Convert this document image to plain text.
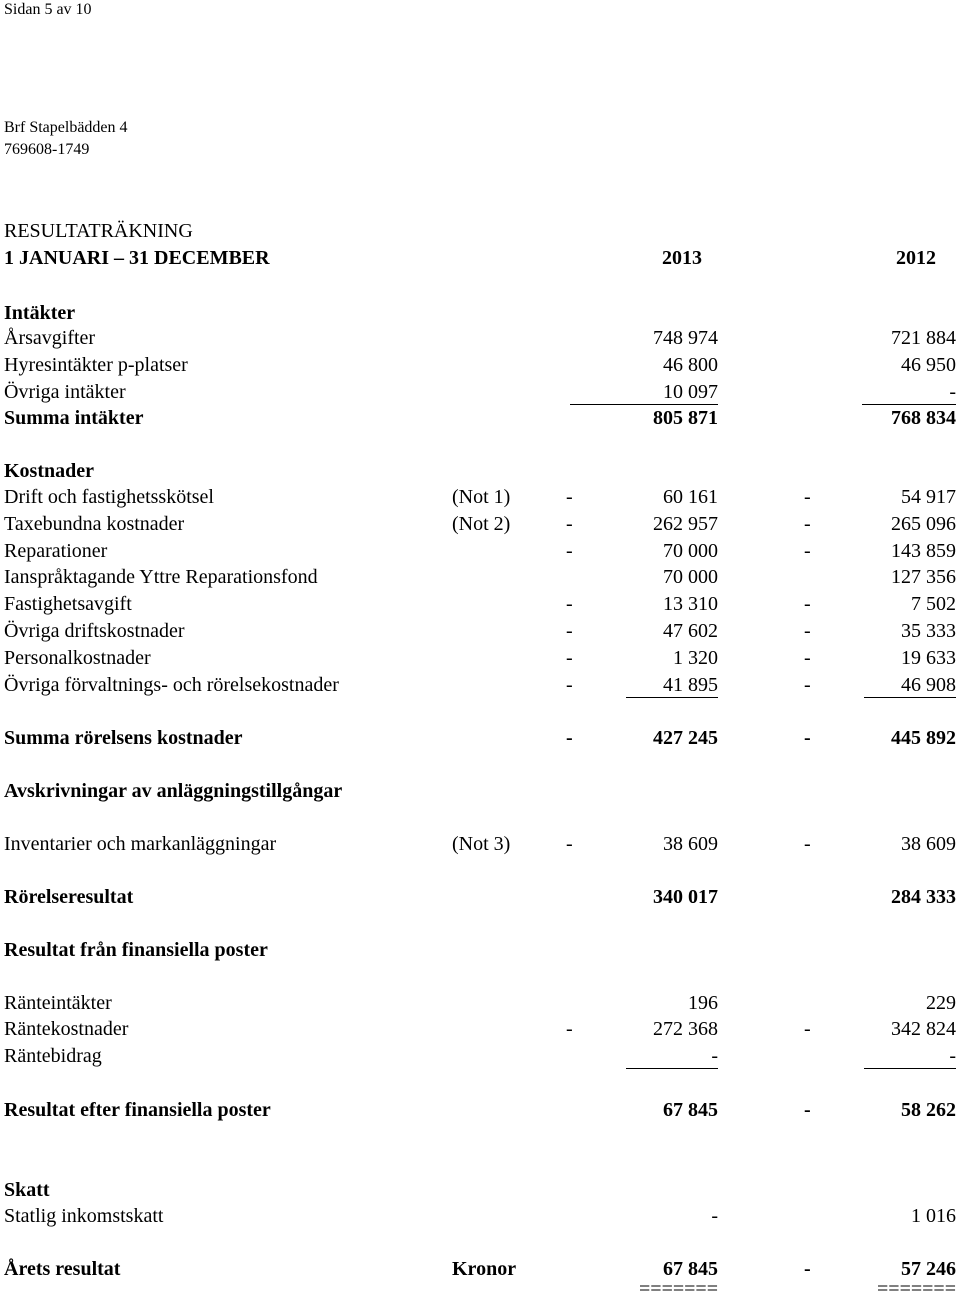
Sidan 5 av 10
Brf Stapelbädden 4
769608-1749
RESULTATRÄKNING
1 JANUARI – 31 DECEMBER	2013	2012
Intäkter
Årsavgifter	748 974	721 884
Hyresintäkter p-platser	46 800	46 950
Övriga intäkter	10 097	-
Summa intäkter	805 871	768 834
Kostnader
Drift och fastighetsskötsel	(Not 1)	-	60 161	-	54 917
Taxebundna kostnader	(Not 2)	-	262 957	-	265 096
Reparationer	-	70 000	-	143 859
Ianspråktagande Yttre Reparationsfond	70 000	127 356
Fastighetsavgift	-	13 310	-	7 502
Övriga driftskostnader	-	47 602	-	35 333
Personalkostnader	-	1 320	-	19 633
Övriga förvaltnings- och rörelsekostnader	-	41 895	-	46 908
Summa rörelsens kostnader	-	427 245	-	445 892
Avskrivningar av anläggningstillgångar
Inventarier och markanläggningar	(Not 3)	-	38 609	-	38 609
Rörelseresultat	340 017	284 333
Resultat från finansiella poster
Ränteintäkter	196	229
Räntekostnader	-	272 368	-	342 824
Räntebidrag	-	-
Resultat efter finansiella poster	67 845	-	58 262
Skatt
Statlig inkomstskatt	-	1 016
Årets resultat	Kronor	67 845	-	57 246
=======	=======
